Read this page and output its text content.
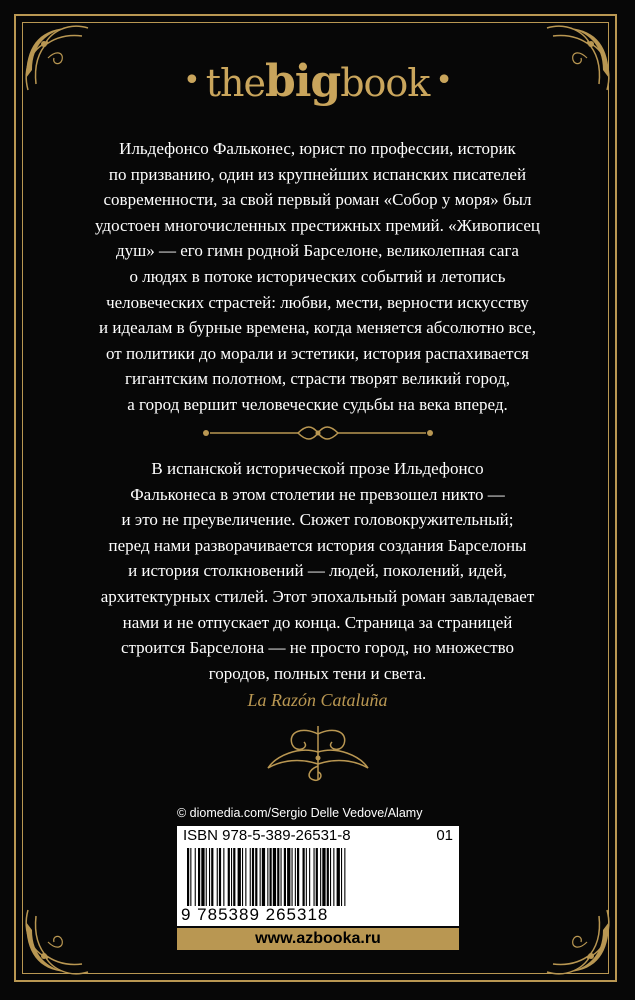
• thebigbook •

Ильдефонсо Фальконес, юрист по профессии, историк
по призванию, один из крупнейших испанских писателей
современности, за свой первый роман «Собор у моря» был
удостоен многочисленных престижных премий. «Живописец
душ» — его гимн родной Барселоне, великолепная сага
о людях в потоке исторических событий и летопись
человеческих страстей: любви, мести, верности искусству
и идеалам в бурные времена, когда меняется абсолютно все,
от политики до морали и эстетики, история распахивается
гигантским полотном, страсти творят великий город,
а город вершит человеческие судьбы на века вперед.

В испанской исторической прозе Ильдефонсо
Фальконеса в этом столетии не превзошел никто —
и это не преувеличение. Сюжет головокружительный;
перед нами разворачивается история создания Барселоны
и история столкновений — людей, поколений, идей,
архитектурных стилей. Этот эпохальный роман завладевает
нами и не отпускает до конца. Страница за страницей
строится Барселона — не просто город, но множество
городов, полных тени и света.

La Razón Cataluña
© diomedia.com/Sergio Delle Vedove/Alamy
ISBN 978-5-389-26531-8	01
9 785389 265318
www.azbooka.ru
